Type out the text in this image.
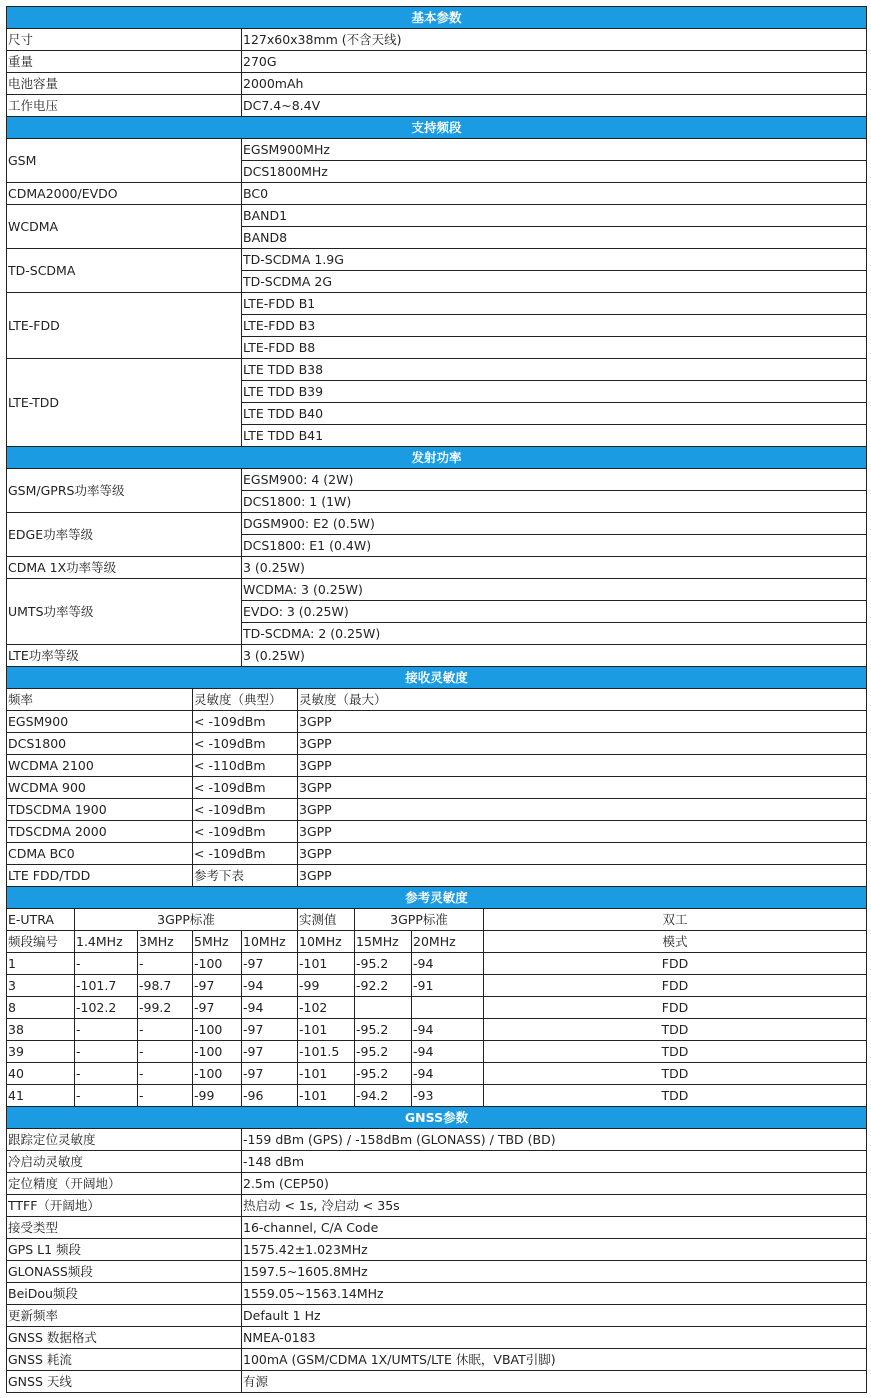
基本参数								
尺寸				127x60x38mm (不含天线)				
重量				270G				
电池容量				2000mAh				
工作电压				DC7.4~8.4V				
支持频段								
GSM				EGSM900MHz				
				DCS1800MHz				
CDMA2000/EVDO				BC0				
WCDMA				BAND1				
				BAND8				
TD-SCDMA				TD-SCDMA 1.9G				
				TD-SCDMA 2G				
LTE-FDD				LTE-FDD B1				
				LTE-FDD B3				
				LTE-FDD B8				
LTE-TDD				LTE TDD B38				
				LTE TDD B39				
				LTE TDD B40				
				LTE TDD B41				
发射功率								
GSM/GPRS功率等级				EGSM900: 4 (2W)				
				DCS1800: 1 (1W)				
EDGE功率等级				DGSM900: E2 (0.5W)				
				DCS1800: E1 (0.4W)				
CDMA 1X功率等级				3 (0.25W)				
UMTS功率等级				WCDMA: 3 (0.25W)				
				EVDO: 3 (0.25W)				
				TD-SCDMA: 2 (0.25W)				
LTE功率等级				3 (0.25W)				
接收灵敏度								
频率			灵敏度（典型）		灵敏度（最大）			
EGSM900			< -109dBm		3GPP			
DCS1800			< -109dBm		3GPP			
WCDMA 2100			< -110dBm		3GPP			
WCDMA 900			< -109dBm		3GPP			
TDSCDMA 1900			< -109dBm		3GPP			
TDSCDMA 2000			< -109dBm		3GPP			
CDMA BC0			< -109dBm		3GPP			
LTE FDD/TDD			参考下表		3GPP			
参考灵敏度								
E-UTRA	3GPP标准				实测值	3GPP标准		双工
频段编号	1.4MHz	3MHz	5MHz	10MHz	10MHz	15MHz	20MHz	模式
1	-	-	-100	-97	-101	-95.2	-94	FDD
3	-101.7	-98.7	-97	-94	-99	-92.2	-91	FDD
8	-102.2	-99.2	-97	-94	-102			FDD
38	-	-	-100	-97	-101	-95.2	-94	TDD
39	-	-	-100	-97	-101.5	-95.2	-94	TDD
40	-	-	-100	-97	-101	-95.2	-94	TDD
41	-	-	-99	-96	-101	-94.2	-93	TDD
GNSS参数								
跟踪定位灵敏度				-159 dBm (GPS) / -158dBm (GLONASS) / TBD (BD)				
冷启动灵敏度				-148 dBm				
定位精度（开阔地）				2.5m (CEP50)				
TTFF（开阔地）				热启动 < 1s, 冷启动 < 35s				
接受类型				16-channel, C/A Code				
GPS L1 频段				1575.42±1.023MHz				
GLONASS频段				1597.5~1605.8MHz				
BeiDou频段				1559.05~1563.14MHz				
更新频率				Default 1 Hz				
GNSS 数据格式				NMEA-0183				
GNSS 耗流				100mA (GSM/CDMA 1X/UMTS/LTE 休眠，VBAT引脚)				
GNSS 天线				有源				
